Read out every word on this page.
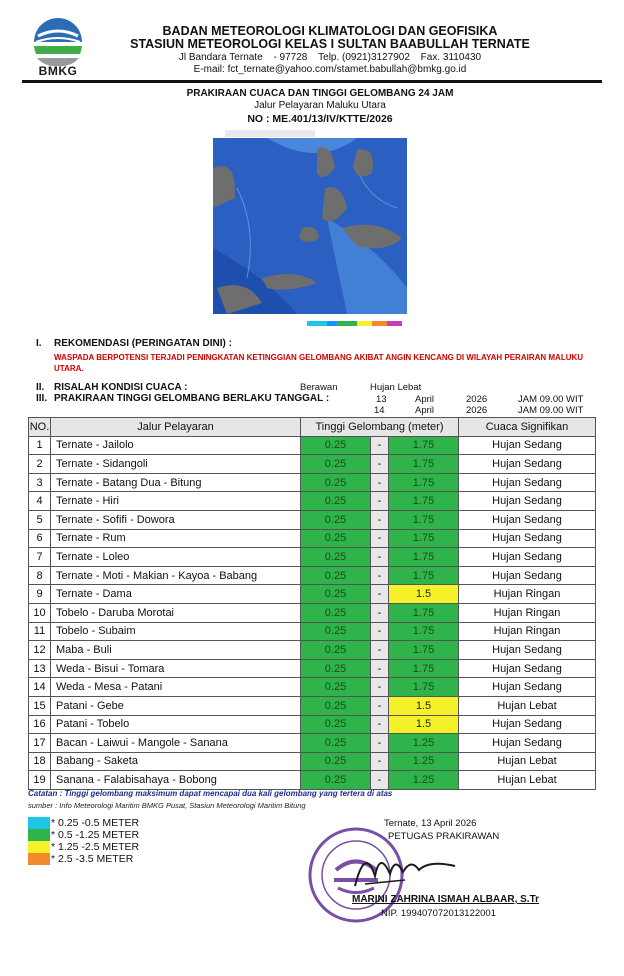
BMKG
BADAN METEOROLOGI KLIMATOLOGI DAN GEOFISIKA
STASIUN METEOROLOGI KELAS I SULTAN BAABULLAH TERNATE
Jl Bandara Ternate - 97728 Telp. (0921)3127902 Fax. 3110430
E-mail: fct_ternate@yahoo.com/stamet.babullah@bmkg.go.id
PRAKIRAAN CUACA DAN TINGGI GELOMBANG 24 JAM
Jalur Pelayaran Maluku Utara
NO : ME.401/13/IV/KTTE/2026
I. REKOMENDASI (PERINGATAN DINI) :
WASPADA BERPOTENSI TERJADI PENINGKATAN KETINGGIAN GELOMBANG AKIBAT ANGIN KENCANG DI WILAYAH PERAIRAN MALUKU UTARA.
II. RISALAH KONDISI CUACA :	Berawan	Hujan Lebat
III. PRAKIRAAN TINGGI GELOMBANG BERLAKU TANGGAL :	13	April	2026	JAM 09.00 WIT
14	April	2026	JAM 09.00 WIT
NO.	Jalur Pelayaran	Tinggi Gelombang (meter)			Cuaca Signifikan
1	Ternate - Jailolo	0.25	-	1.75	Hujan Sedang
2	Ternate - Sidangoli	0.25	-	1.75	Hujan Sedang
3	Ternate - Batang Dua - Bitung	0.25	-	1.75	Hujan Sedang
4	Ternate - Hiri	0.25	-	1.75	Hujan Sedang
5	Ternate - Sofifi - Dowora	0.25	-	1.75	Hujan Sedang
6	Ternate - Rum	0.25	-	1.75	Hujan Sedang
7	Ternate - Loleo	0.25	-	1.75	Hujan Sedang
8	Ternate - Moti - Makian - Kayoa - Babang	0.25	-	1.75	Hujan Sedang
9	Ternate - Dama	0.25	-	1.5	Hujan Ringan
10	Tobelo - Daruba Morotai	0.25	-	1.75	Hujan Ringan
11	Tobelo - Subaim	0.25	-	1.75	Hujan Ringan
12	Maba - Buli	0.25	-	1.75	Hujan Sedang
13	Weda - Bisui - Tomara	0.25	-	1.75	Hujan Sedang
14	Weda - Mesa - Patani	0.25	-	1.75	Hujan Sedang
15	Patani - Gebe	0.25	-	1.5	Hujan Lebat
16	Patani - Tobelo	0.25	-	1.5	Hujan Sedang
17	Bacan - Laiwui - Mangole - Sanana	0.25	-	1.25	Hujan Sedang
18	Babang - Saketa	0.25	-	1.25	Hujan Lebat
19	Sanana - Falabisahaya - Bobong	0.25	-	1.25	Hujan Lebat
Catatan : Tinggi gelombang maksimum dapat mencapai dua kali gelombang yang tertera di atas
sumber : Info Meteorologi Maritim BMKG Pusat, Stasiun Meteorologi Maritim Bitung
* 0.25 -0.5 METER
* 0.5 -1.25 METER
* 1.25 -2.5 METER
* 2.5 -3.5 METER
Ternate, 13 April 2026
PETUGAS PRAKIRAWAN
MARINI ZAHRINA ISMAH ALBAAR, S.Tr
NIP. 199407072013122001
